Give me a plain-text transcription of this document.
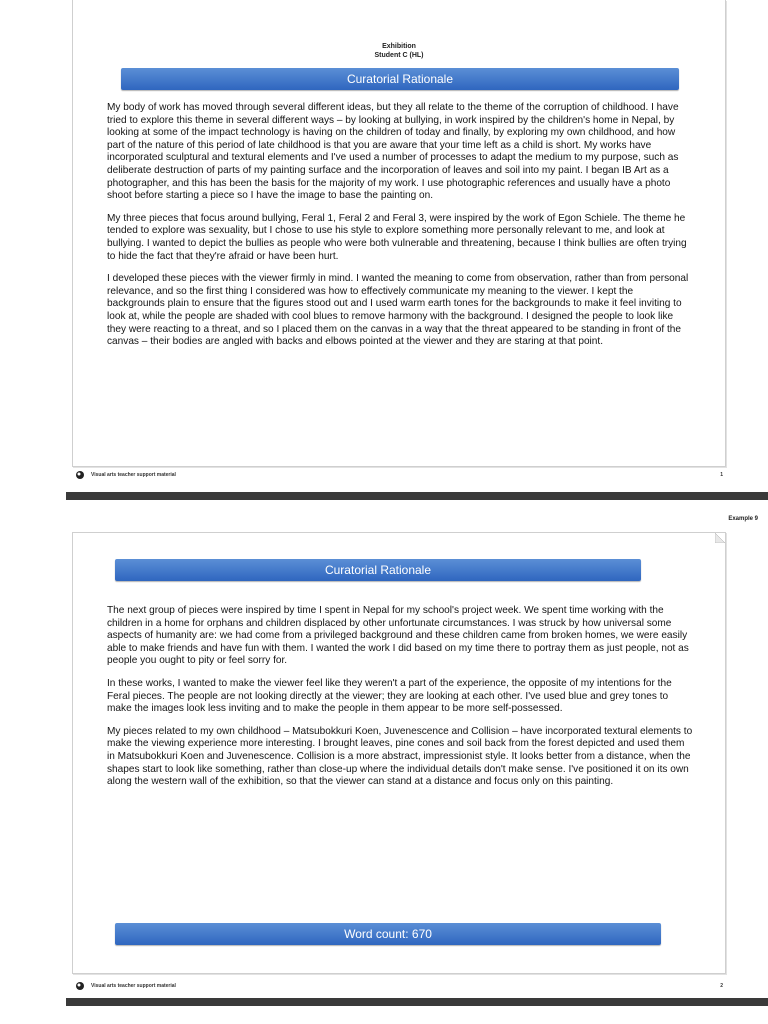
Exhibition
Student C (HL)
Curatorial Rationale

My body of work has moved through several different ideas, but they all relate to the theme of the corruption of childhood. I have tried to explore this theme in several different ways – by looking at bullying, in work inspired by the children's home in Nepal, by looking at some of the impact technology is having on the children of today and finally, by exploring my own childhood, and how part of the nature of this period of late childhood is that you are aware that your time left as a child is short. My works have incorporated sculptural and textural elements and I've used a number of processes to adapt the medium to my purpose, such as deliberate destruction of parts of my painting surface and the incorporation of leaves and soil into my paint. I began IB Art as a photographer, and this has been the basis for the majority of my work. I use photographic references and usually have a photo shoot before starting a piece so I have the image to base the painting on.

My three pieces that focus around bullying, Feral 1, Feral 2 and Feral 3, were inspired by the work of Egon Schiele. The theme he tended to explore was sexuality, but I chose to use his style to explore something more personally relevant to me, and look at bullying. I wanted to depict the bullies as people who were both vulnerable and threatening, because I think bullies are often trying to hide the fact that they're afraid or have been hurt.

I developed these pieces with the viewer firmly in mind. I wanted the meaning to come from observation, rather than from personal relevance, and so the first thing I considered was how to effectively communicate my meaning to the viewer. I kept the backgrounds plain to ensure that the figures stood out and I used warm earth tones for the backgrounds to make it feel inviting to look at, while the people are shaded with cool blues to remove harmony with the background. I designed the people to look like they were reacting to a threat, and so I placed them on the canvas in a way that the threat appeared to be standing in front of the canvas – their bodies are angled with backs and elbows pointed at the viewer and they are staring at that point.

Visual arts teacher support material	1
Example 9
Curatorial Rationale

The next group of pieces were inspired by time I spent in Nepal for my school's project week. We spent time working with the children in a home for orphans and children displaced by other unfortunate circumstances. I was struck by how universal some aspects of humanity are: we had come from a privileged background and these children came from broken homes, we were easily able to make friends and have fun with them. I wanted the work I did based on my time there to portray them as just people, not as people you ought to pity or feel sorry for.

In these works, I wanted to make the viewer feel like they weren't a part of the experience, the opposite of my intentions for the Feral pieces. The people are not looking directly at the viewer; they are looking at each other. I've used blue and grey tones to make the images look less inviting and to make the people in them appear to be more self-possessed.

My pieces related to my own childhood – Matsubokkuri Koen, Juvenescence and Collision – have incorporated textural elements to make the viewing experience more interesting. I brought leaves, pine cones and soil back from the forest depicted and used them in Matsubokkuri Koen and Juvenescence. Collision is a more abstract, impressionist style. It looks better from a distance, when the shapes start to look like something, rather than close-up where the individual details don't make sense. I've positioned it on its own along the western wall of the exhibition, so that the viewer can stand at a distance and focus only on this painting.

Word count: 670
Visual arts teacher support material	2
